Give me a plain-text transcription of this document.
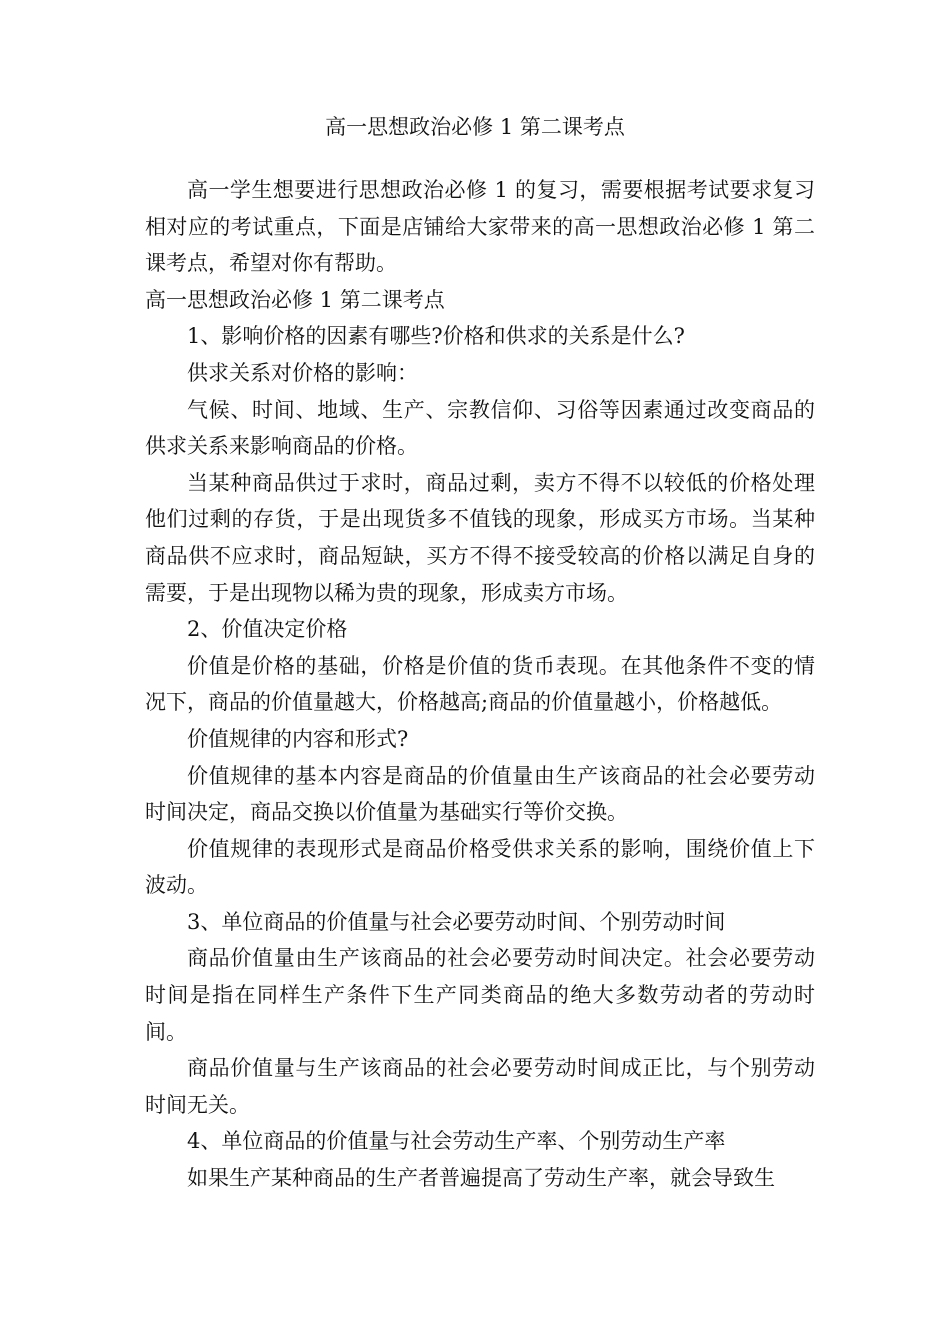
高一思想政治必修 1 第二课考点

高一学生想要进行思想政治必修 1 的复习，需要根据考试要求复习相对应的考试重点，下面是店铺给大家带来的高一思想政治必修 1 第二课考点，希望对你有帮助。

高一思想政治必修 1 第二课考点

1、影响价格的因素有哪些?价格和供求的关系是什么?

供求关系对价格的影响：

气候、时间、地域、生产、宗教信仰、习俗等因素通过改变商品的供求关系来影响商品的价格。

当某种商品供过于求时，商品过剩，卖方不得不以较低的价格处理他们过剩的存货，于是出现货多不值钱的现象，形成买方市场。当某种商品供不应求时，商品短缺，买方不得不接受较高的价格以满足自身的需要，于是出现物以稀为贵的现象，形成卖方市场。

2、价值决定价格

价值是价格的基础，价格是价值的货币表现。在其他条件不变的情况下，商品的价值量越大，价格越高;商品的价值量越小，价格越低。

价值规律的内容和形式?

价值规律的基本内容是商品的价值量由生产该商品的社会必要劳动时间决定，商品交换以价值量为基础实行等价交换。

价值规律的表现形式是商品价格受供求关系的影响，围绕价值上下波动。

3、单位商品的价值量与社会必要劳动时间、个别劳动时间

商品价值量由生产该商品的社会必要劳动时间决定。社会必要劳动时间是指在同样生产条件下生产同类商品的绝大多数劳动者的劳动时间。

商品价值量与生产该商品的社会必要劳动时间成正比，与个别劳动时间无关。

4、单位商品的价值量与社会劳动生产率、个别劳动生产率

如果生产某种商品的生产者普遍提高了劳动生产率，就会导致生
